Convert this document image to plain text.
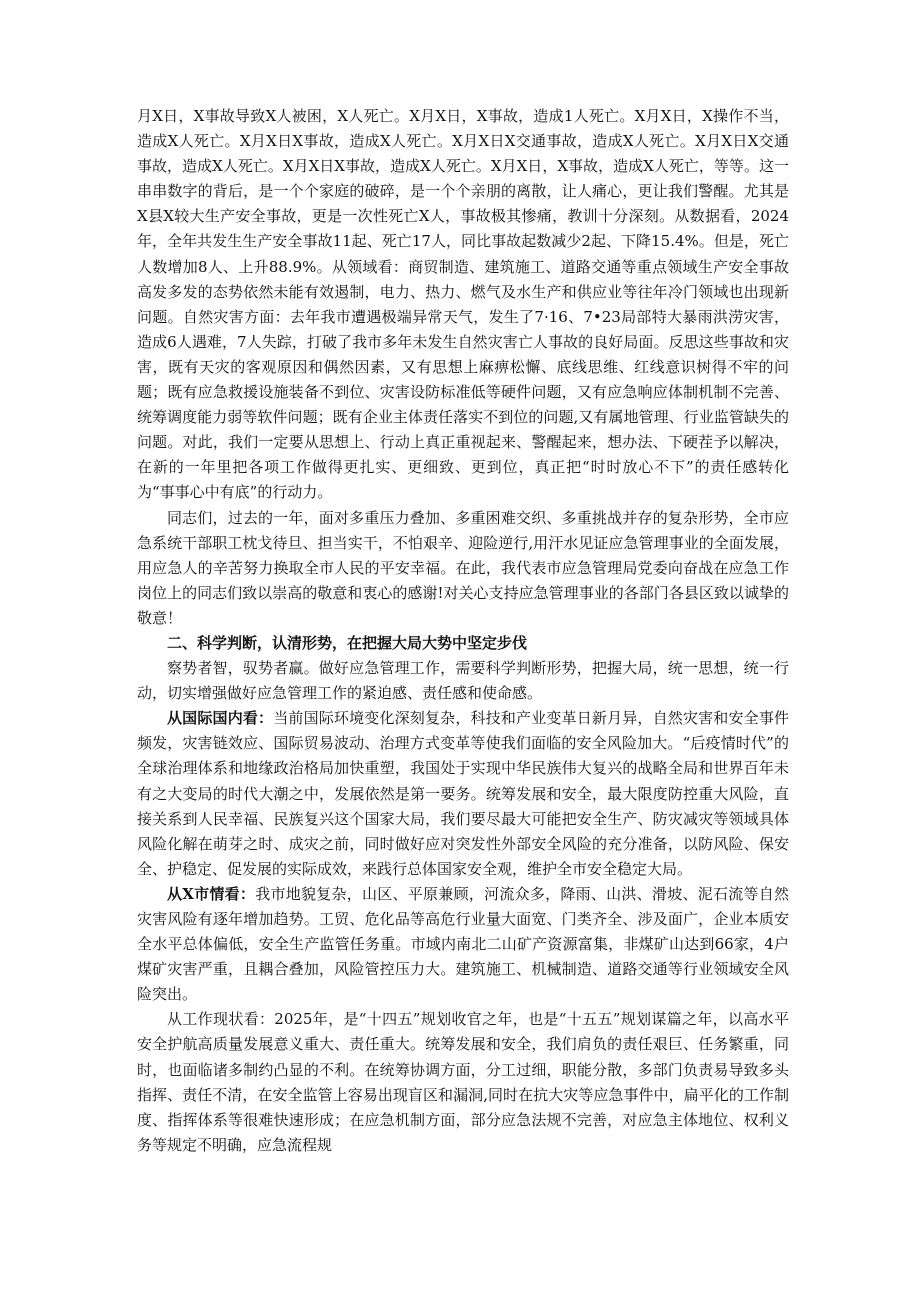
月X日，X事故导致X人被困，X人死亡。X月X日，X事故，造成1人死亡。X月X日，X操作不当，造成X人死亡。X月X日X事故，造成X人死亡。X月X日X交通事故，造成X人死亡。X月X日X交通事故，造成X人死亡。X月X日X事故，造成X人死亡。X月X日，X事故，造成X人死亡，等等。这一串串数字的背后，是一个个家庭的破碎，是一个个亲朋的离散，让人痛心，更让我们警醒。尤其是X县X较大生产安全事故，更是一次性死亡X人，事故极其惨痛，教训十分深刻。从数据看，2024年，全年共发生生产安全事故11起、死亡17人，同比事故起数减少2起、下降15.4%。但是，死亡人数增加8人、上升88.9%。从领域看：商贸制造、建筑施工、道路交通等重点领域生产安全事故高发多发的态势依然未能有效遏制，电力、热力、燃气及水生产和供应业等往年冷门领域也出现新问题。自然灾害方面：去年我市遭遇极端异常天气，发生了7·16、7•23局部特大暴雨洪涝灾害，造成6人遇难，7人失踪，打破了我市多年未发生自然灾害亡人事故的良好局面。反思这些事故和灾害，既有天灾的客观原因和偶然因素，又有思想上麻痹松懈、底线思维、红线意识树得不牢的问题；既有应急救援设施装备不到位、灾害设防标准低等硬件问题，又有应急响应体制机制不完善、统筹调度能力弱等软件问题；既有企业主体责任落实不到位的问题,又有属地管理、行业监管缺失的问题。对此，我们一定要从思想上、行动上真正重视起来、警醒起来，想办法、下硬茬予以解决，在新的一年里把各项工作做得更扎实、更细致、更到位，真正把“时时放心不下”的责任感转化为“事事心中有底”的行动力。

同志们，过去的一年，面对多重压力叠加、多重困难交织、多重挑战并存的复杂形势，全市应急系统干部职工枕戈待旦、担当实干，不怕艰辛、迎险逆行,用汗水见证应急管理事业的全面发展，用应急人的辛苦努力换取全市人民的平安幸福。在此，我代表市应急管理局党委向奋战在应急工作岗位上的同志们致以崇高的敬意和衷心的感谢!对关心支持应急管理事业的各部门各县区致以诚挚的敬意！

二、科学判断，认清形势，在把握大局大势中坚定步伐

察势者智，驭势者赢。做好应急管理工作，需要科学判断形势，把握大局，统一思想，统一行动，切实增强做好应急管理工作的紧迫感、责任感和使命感。

从国际国内看：当前国际环境变化深刻复杂，科技和产业变革日新月异，自然灾害和安全事件频发，灾害链效应、国际贸易波动、治理方式变革等使我们面临的安全风险加大。“后疫情时代”的全球治理体系和地缘政治格局加快重塑，我国处于实现中华民族伟大复兴的战略全局和世界百年未有之大变局的时代大潮之中，发展依然是第一要务。统筹发展和安全，最大限度防控重大风险，直接关系到人民幸福、民族复兴这个国家大局，我们要尽最大可能把安全生产、防灾减灾等领域具体风险化解在萌芽之时、成灾之前，同时做好应对突发性外部安全风险的充分准备，以防风险、保安全、护稳定、促发展的实际成效，来践行总体国家安全观，维护全市安全稳定大局。

从X市情看：我市地貌复杂，山区、平原兼顾，河流众多，降雨、山洪、滑坡、泥石流等自然灾害风险有逐年增加趋势。工贸、危化品等高危行业量大面宽、门类齐全、涉及面广，企业本质安全水平总体偏低，安全生产监管任务重。市域内南北二山矿产资源富集，非煤矿山达到66家，4户煤矿灾害严重，且耦合叠加，风险管控压力大。建筑施工、机械制造、道路交通等行业领域安全风险突出。

从工作现状看：2025年，是“十四五”规划收官之年，也是“十五五”规划谋篇之年，以高水平安全护航高质量发展意义重大、责任重大。统筹发展和安全，我们肩负的责任艰巨、任务繁重，同时，也面临诸多制约凸显的不利。在统筹协调方面，分工过细，职能分散，多部门负责易导致多头指挥、责任不清，在安全监管上容易出现盲区和漏洞,同时在抗大灾等应急事件中，扁平化的工作制度、指挥体系等很难快速形成；在应急机制方面，部分应急法规不完善，对应急主体地位、权利义务等规定不明确，应急流程规
